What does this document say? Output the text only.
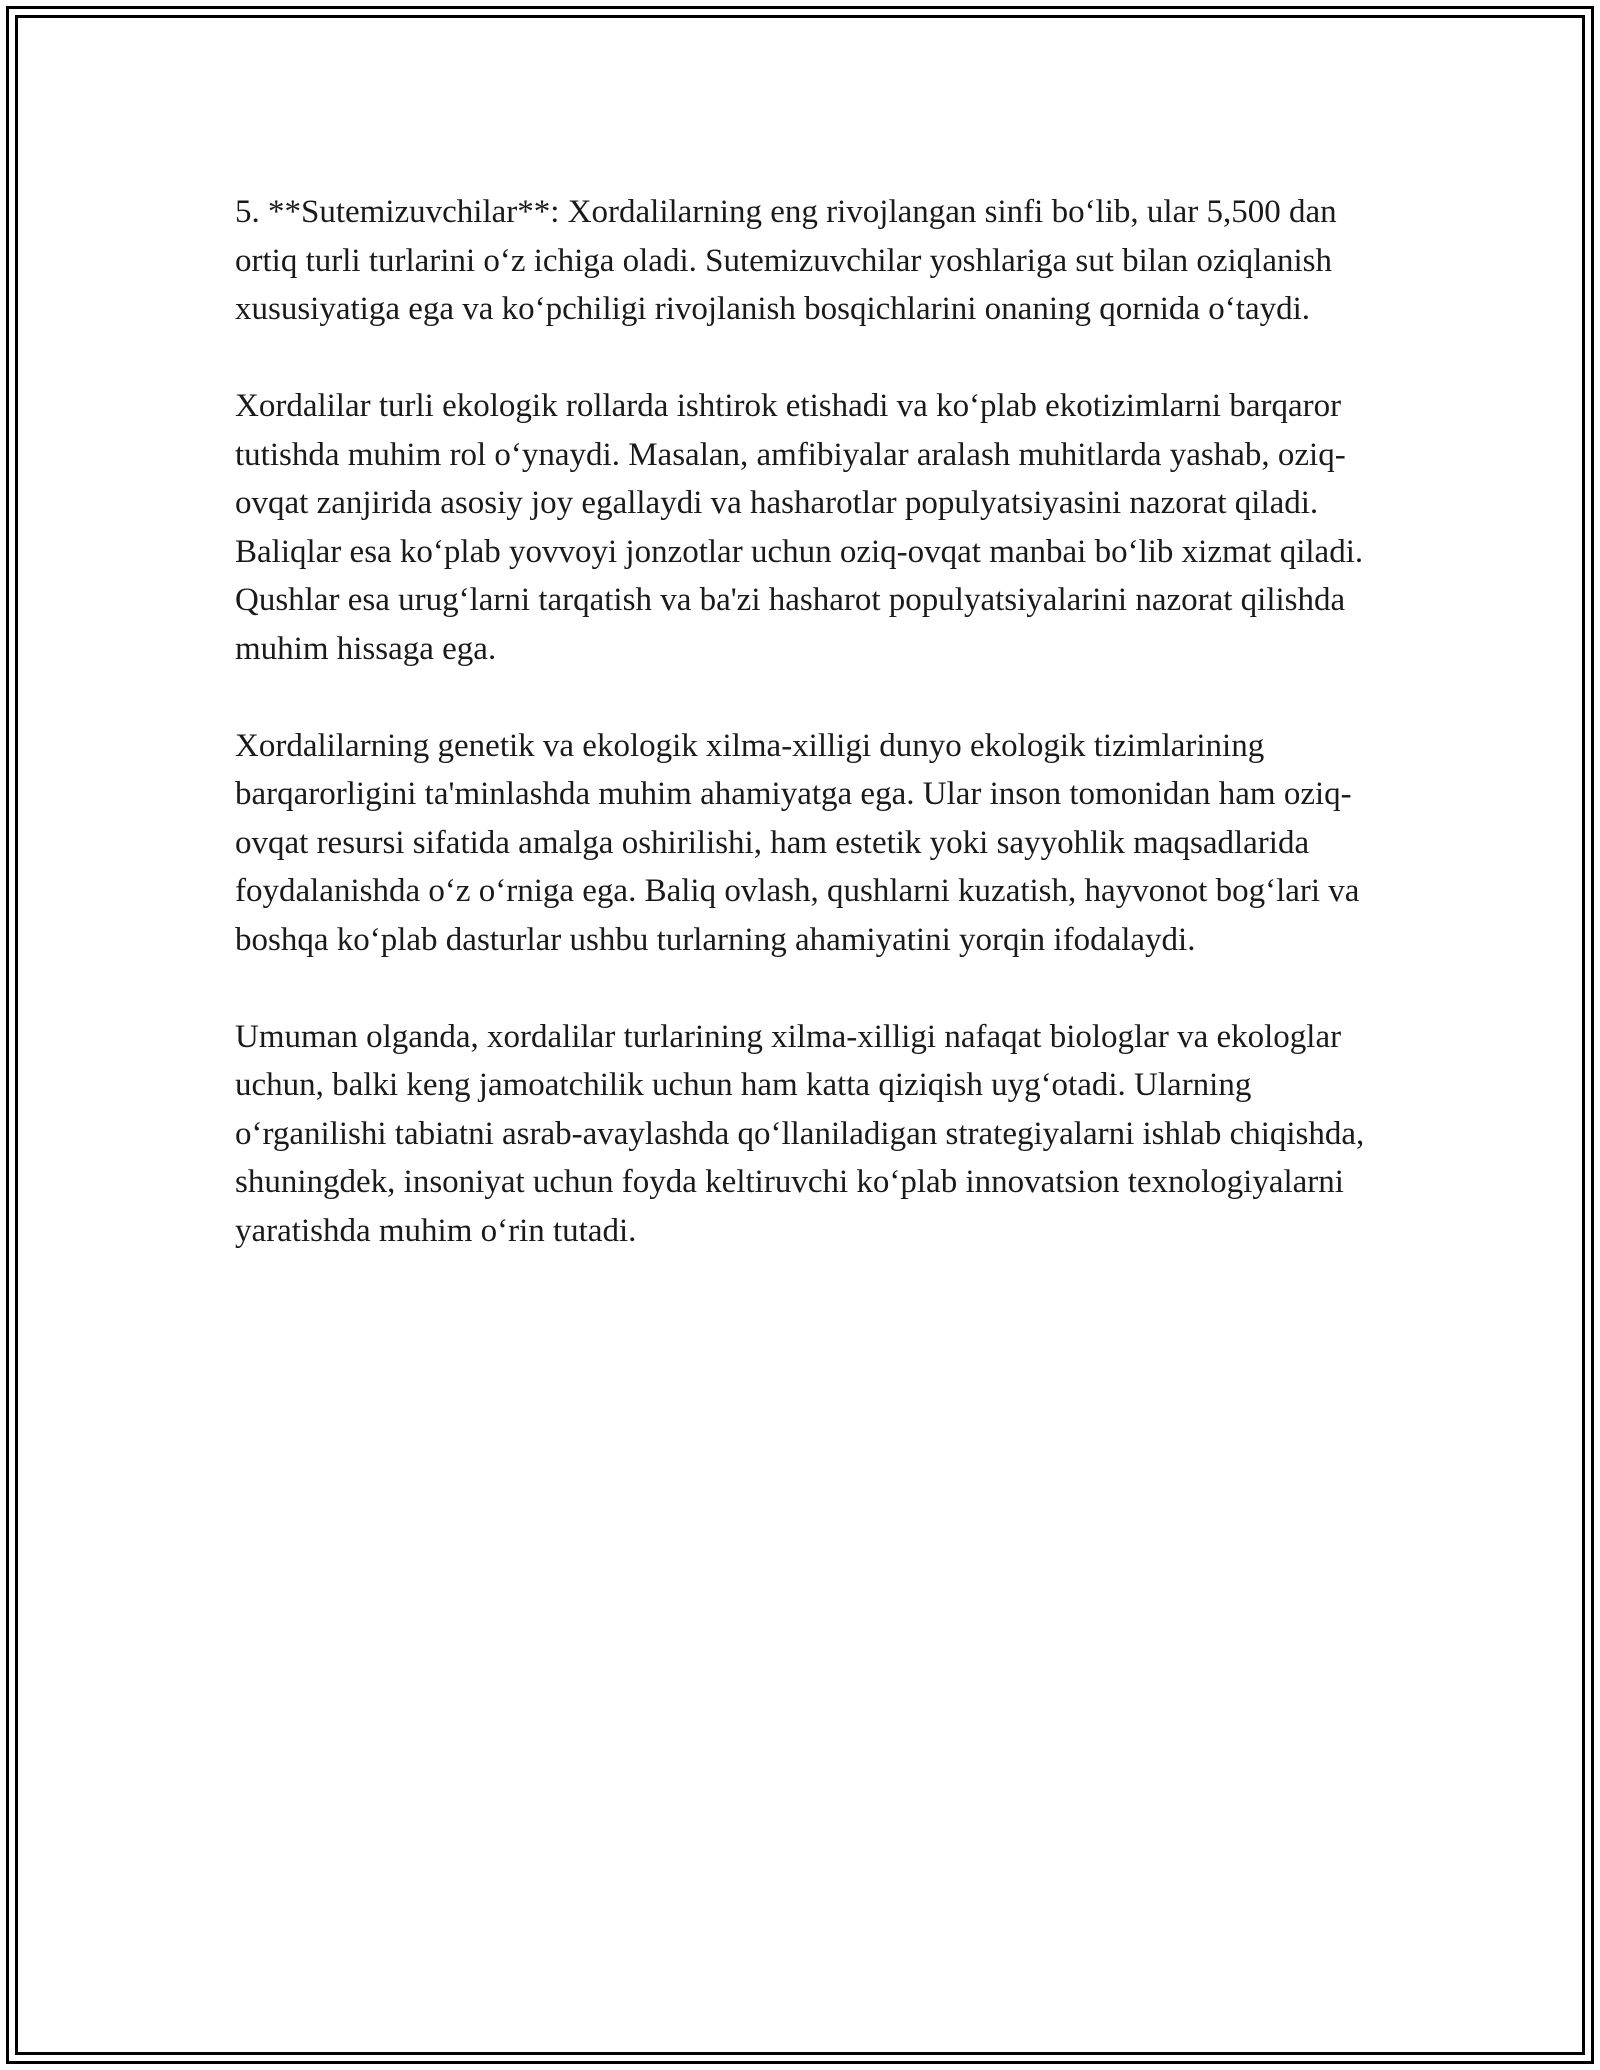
5. **Sutemizuvchilar**: Xordalilarning eng rivojlangan sinfi bo‘lib, ular 5,500 dan ortiq turli turlarini o‘z ichiga oladi. Sutemizuvchilar yoshlariga sut bilan oziqlanish xususiyatiga ega va ko‘pchiligi rivojlanish bosqichlarini onaning qornida o‘taydi.

Xordalilar turli ekologik rollarda ishtirok etishadi va ko‘plab ekotizimlarni barqaror tutishda muhim rol o‘ynaydi. Masalan, amfibiyalar aralash muhitlarda yashab, oziq-ovqat zanjirida asosiy joy egallaydi va hasharotlar populyatsiyasini nazorat qiladi. Baliqlar esa ko‘plab yovvoyi jonzotlar uchun oziq-ovqat manbai bo‘lib xizmat qiladi. Qushlar esa urug‘larni tarqatish va ba'zi hasharot populyatsiyalarini nazorat qilishda muhim hissaga ega.

Xordalilarning genetik va ekologik xilma-xilligi dunyo ekologik tizimlarining barqarorligini ta'minlashda muhim ahamiyatga ega. Ular inson tomonidan ham oziq-ovqat resursi sifatida amalga oshirilishi, ham estetik yoki sayyohlik maqsadlarida foydalanishda o‘z o‘rniga ega. Baliq ovlash, qushlarni kuzatish, hayvonot bog‘lari va boshqa ko‘plab dasturlar ushbu turlarning ahamiyatini yorqin ifodalaydi.

Umuman olganda, xordalilar turlarining xilma-xilligi nafaqat biologlar va ekologlar uchun, balki keng jamoatchilik uchun ham katta qiziqish uyg‘otadi. Ularning o‘rganilishi tabiatni asrab-avaylashda qo‘llaniladigan strategiyalarni ishlab chiqishda, shuningdek, insoniyat uchun foyda keltiruvchi ko‘plab innovatsion texnologiyalarni yaratishda muhim o‘rin tutadi.
